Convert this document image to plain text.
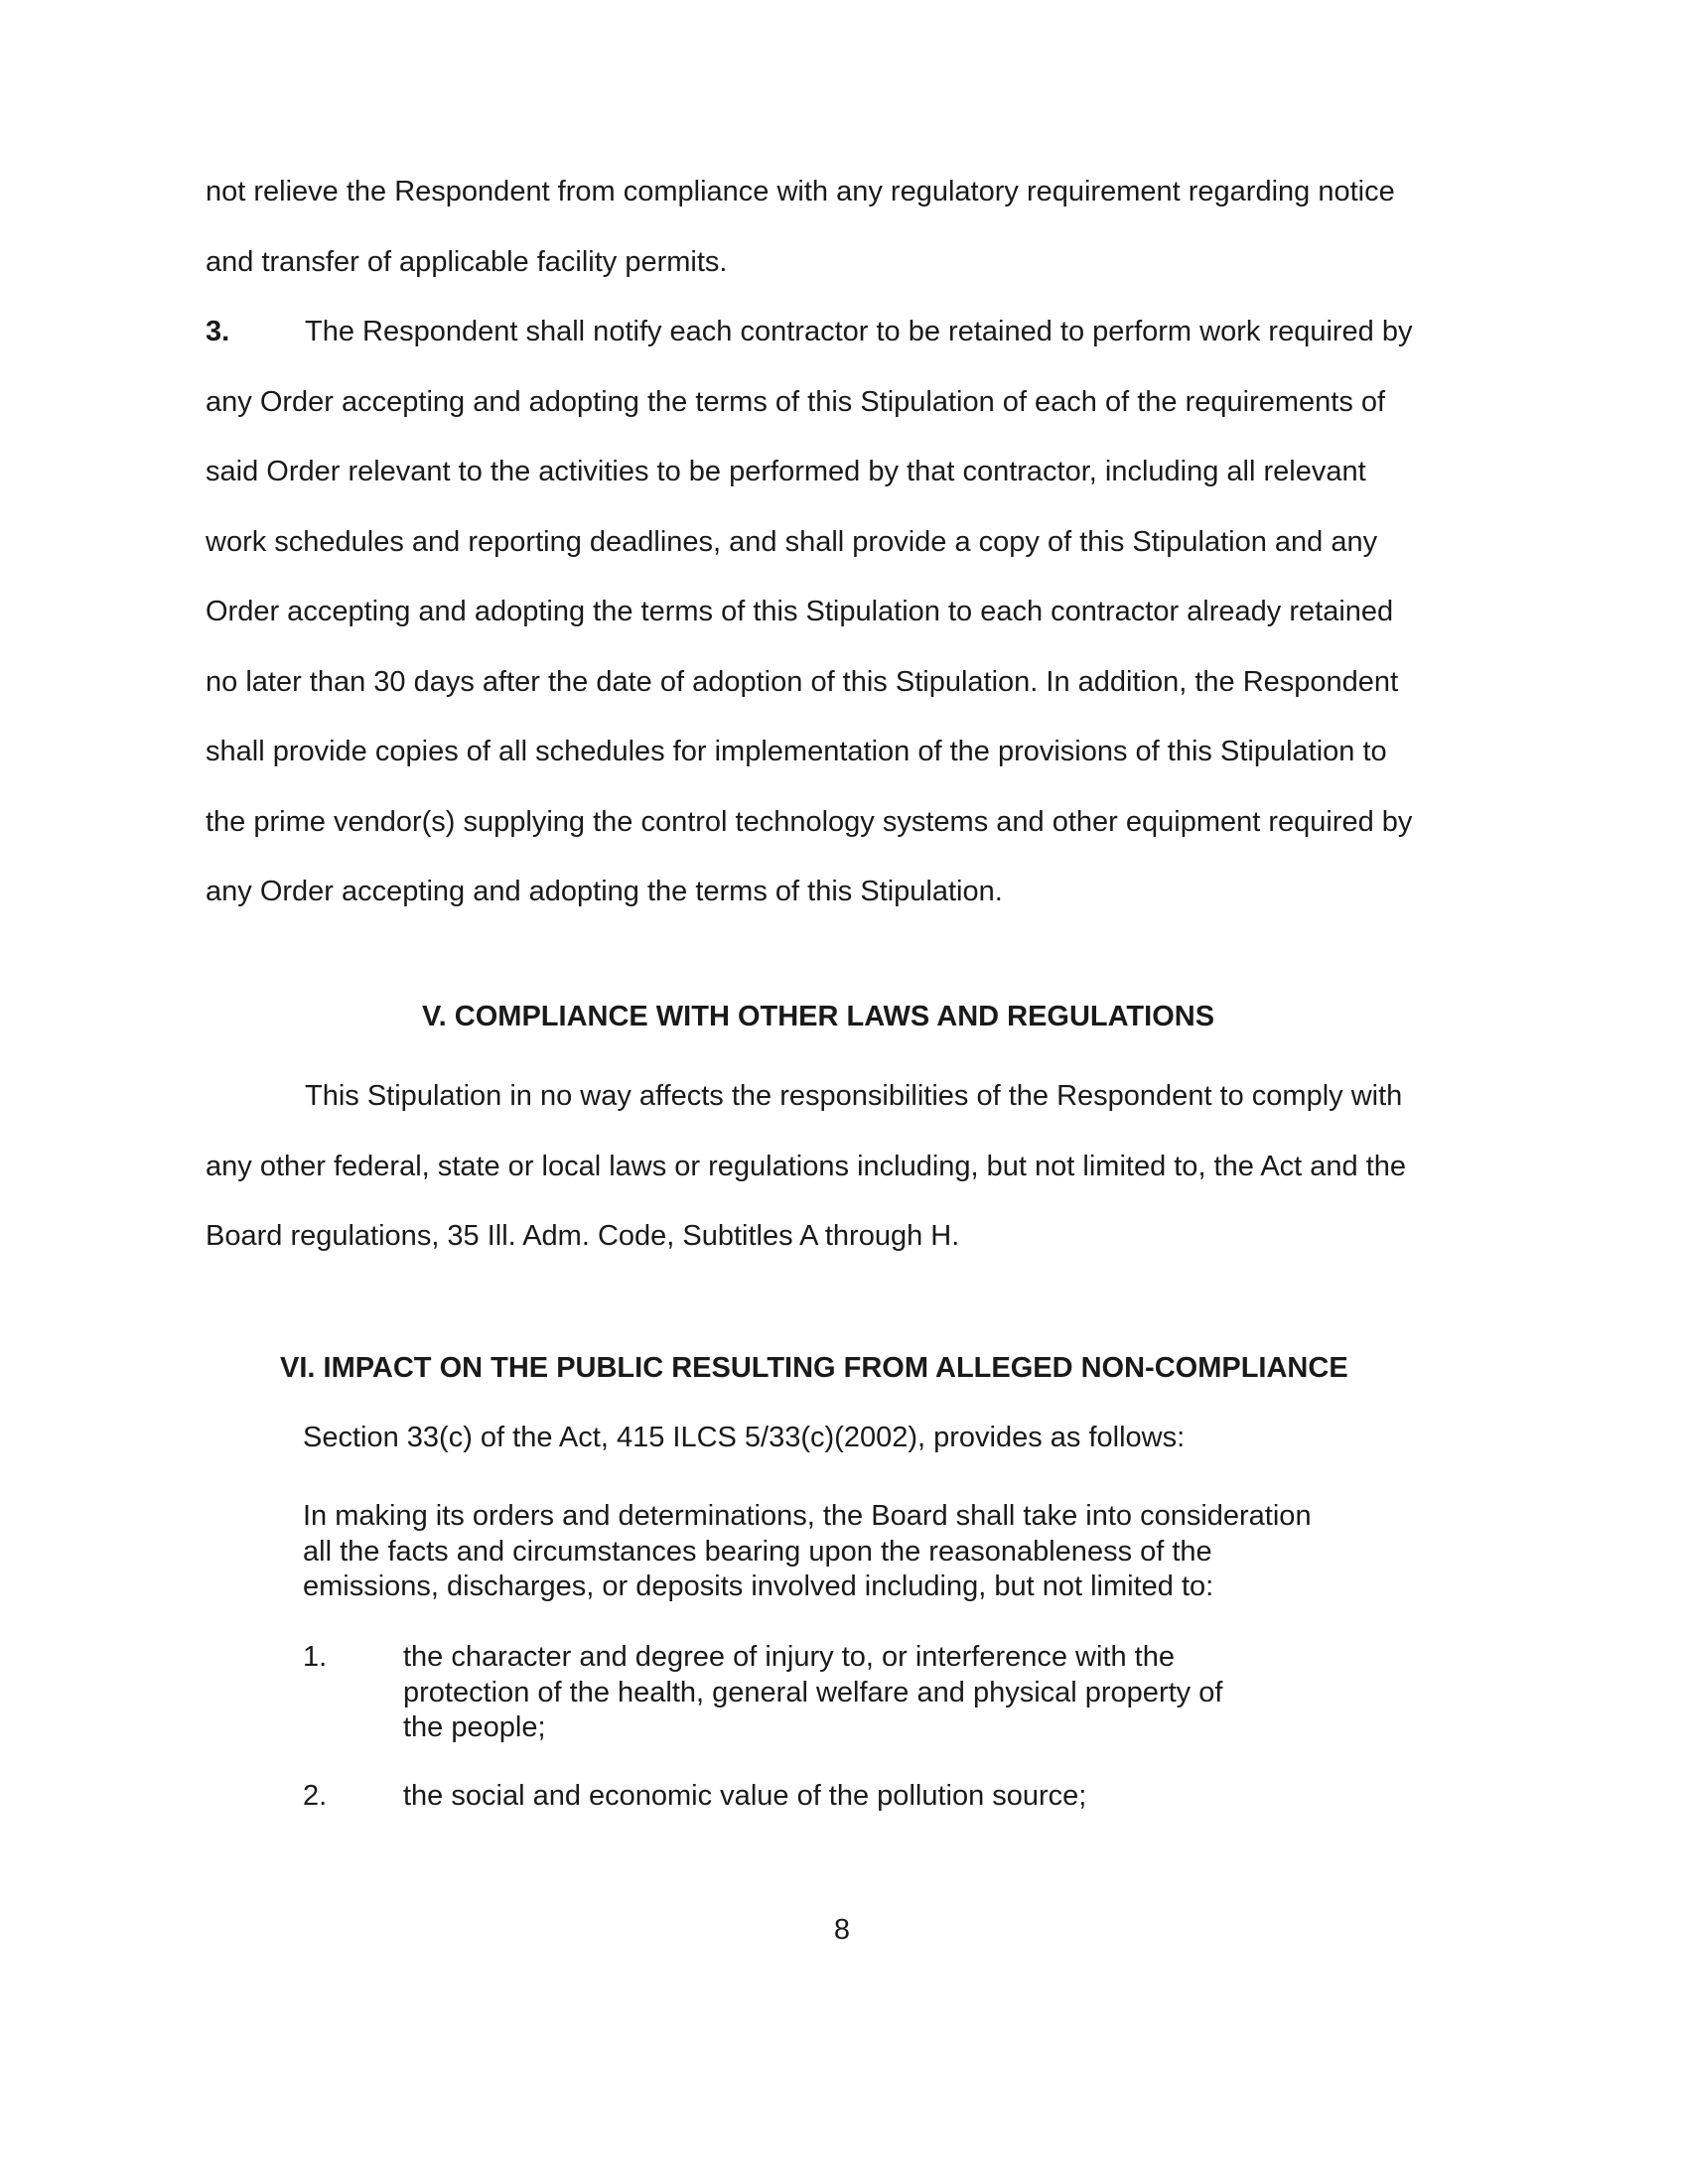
not relieve the Respondent from compliance with any regulatory requirement regarding notice
and transfer of applicable facility permits.
3.	The Respondent shall notify each contractor to be retained to perform work required by
any Order accepting and adopting the terms of this Stipulation of each of the requirements of
said Order relevant to the activities to be performed by that contractor, including all relevant
work schedules and reporting deadlines, and shall provide a copy of this Stipulation and any
Order accepting and adopting the terms of this Stipulation to each contractor already retained
no later than 30 days after the date of adoption of this Stipulation. In addition, the Respondent
shall provide copies of all schedules for implementation of the provisions of this Stipulation to
the prime vendor(s) supplying the control technology systems and other equipment required by
any Order accepting and adopting the terms of this Stipulation.
V. COMPLIANCE WITH OTHER LAWS AND REGULATIONS
This Stipulation in no way affects the responsibilities of the Respondent to comply with
any other federal, state or local laws or regulations including, but not limited to, the Act and the
Board regulations, 35 Ill. Adm. Code, Subtitles A through H.
VI. IMPACT ON THE PUBLIC RESULTING FROM ALLEGED NON-COMPLIANCE

Section 33(c) of the Act, 415 ILCS 5/33(c)(2002), provides as follows:

In making its orders and determinations, the Board shall take into consideration
all the facts and circumstances bearing upon the reasonableness of the
emissions, discharges, or deposits involved including, but not limited to:
1.	the character and degree of injury to, or interference with the
protection of the health, general welfare and physical property of
the people;
2.	the social and economic value of the pollution source;

8
